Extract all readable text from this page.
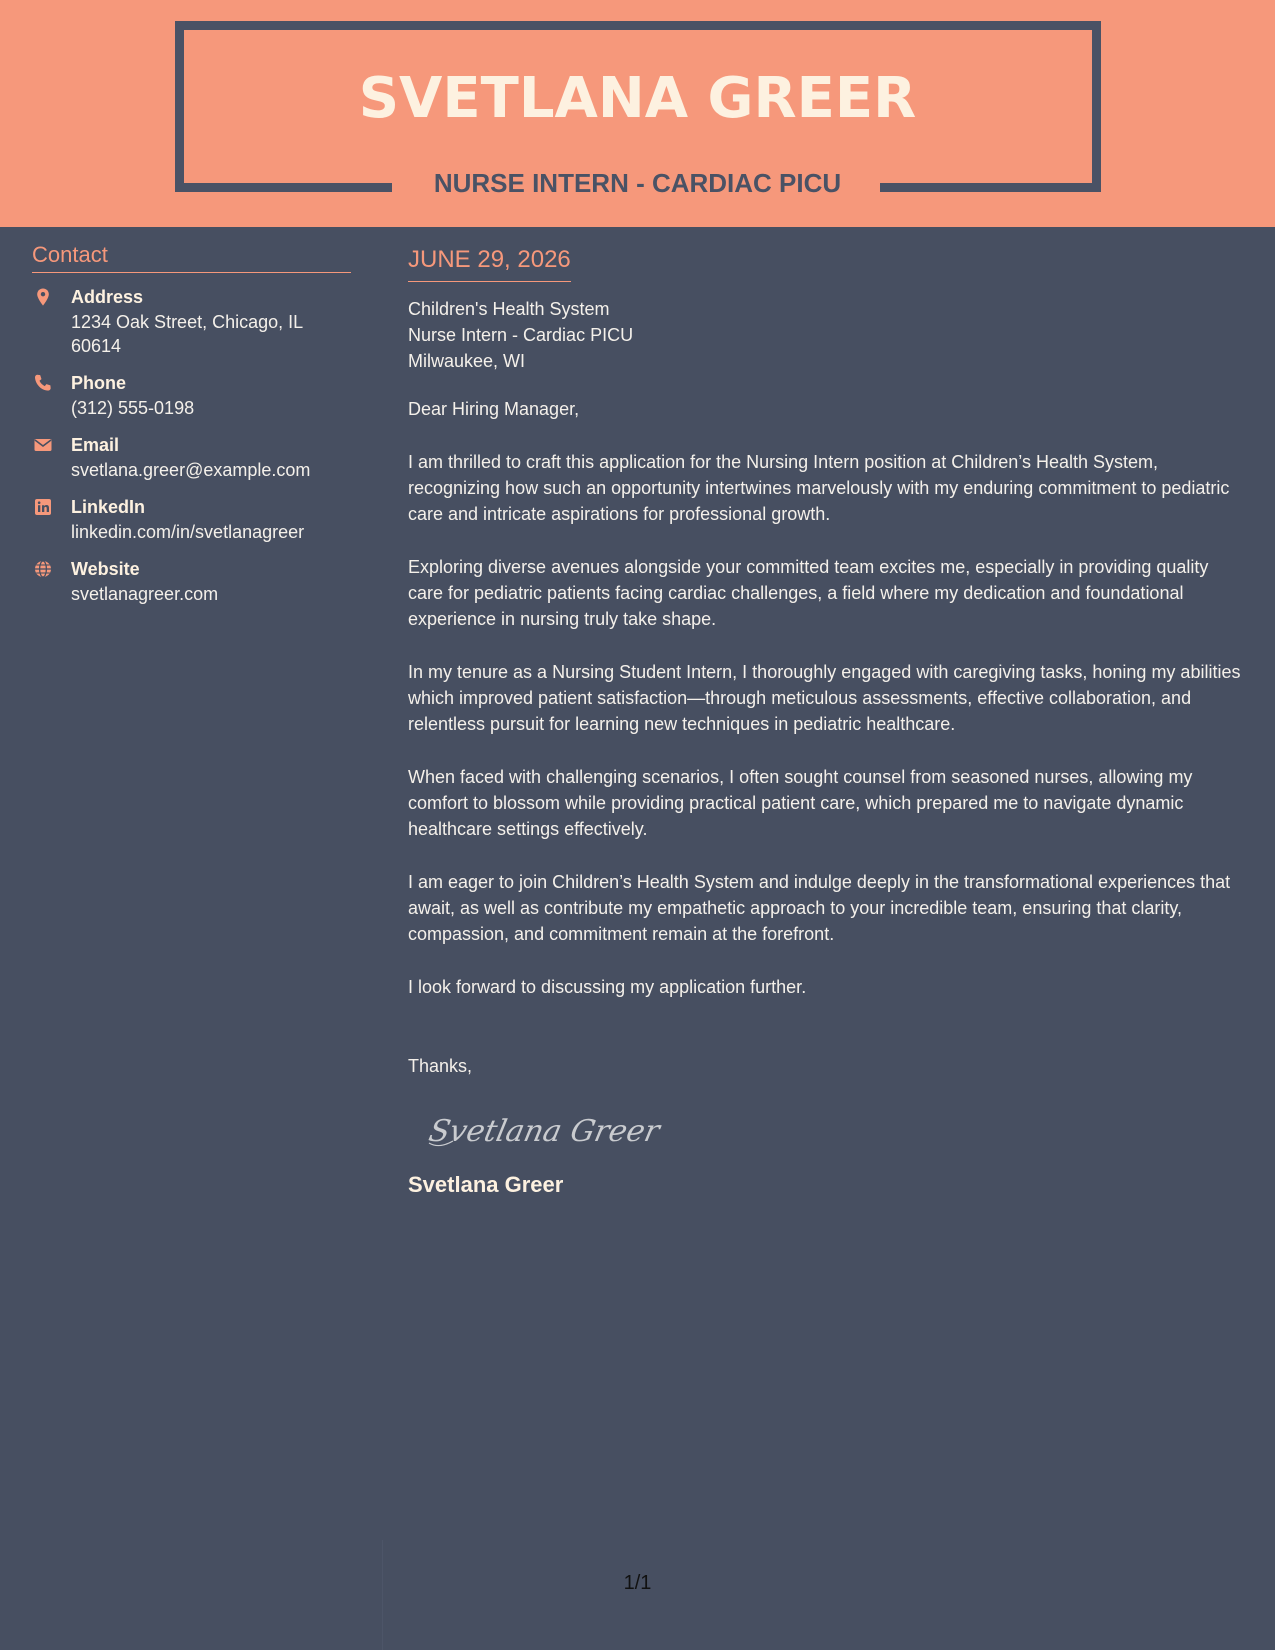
SVETLANA GREER
NURSE INTERN - CARDIAC PICU
Contact
Address
1234 Oak Street, Chicago, IL 60614
Phone
(312) 555-0198
Email
svetlana.greer@example.com
LinkedIn
linkedin.com/in/svetlanagreer
Website
svetlanagreer.com
JUNE 29, 2026
Children's Health System
Nurse Intern - Cardiac PICU
Milwaukee, WI
Dear Hiring Manager,
I am thrilled to craft this application for the Nursing Intern position at Children’s Health System, recognizing how such an opportunity intertwines marvelously with my enduring commitment to pediatric care and intricate aspirations for professional growth.
Exploring diverse avenues alongside your committed team excites me, especially in providing quality care for pediatric patients facing cardiac challenges, a field where my dedication and foundational experience in nursing truly take shape.
In my tenure as a Nursing Student Intern, I thoroughly engaged with caregiving tasks, honing my abilities which improved patient satisfaction—through meticulous assessments, effective collaboration, and relentless pursuit for learning new techniques in pediatric healthcare.
When faced with challenging scenarios, I often sought counsel from seasoned nurses, allowing my comfort to blossom while providing practical patient care, which prepared me to navigate dynamic healthcare settings effectively.
I am eager to join Children’s Health System and indulge deeply in the transformational experiences that await, as well as contribute my empathetic approach to your incredible team, ensuring that clarity, compassion, and commitment remain at the forefront.
I look forward to discussing my application further.
Thanks,
Svetlana Greer
Svetlana Greer
1/1
